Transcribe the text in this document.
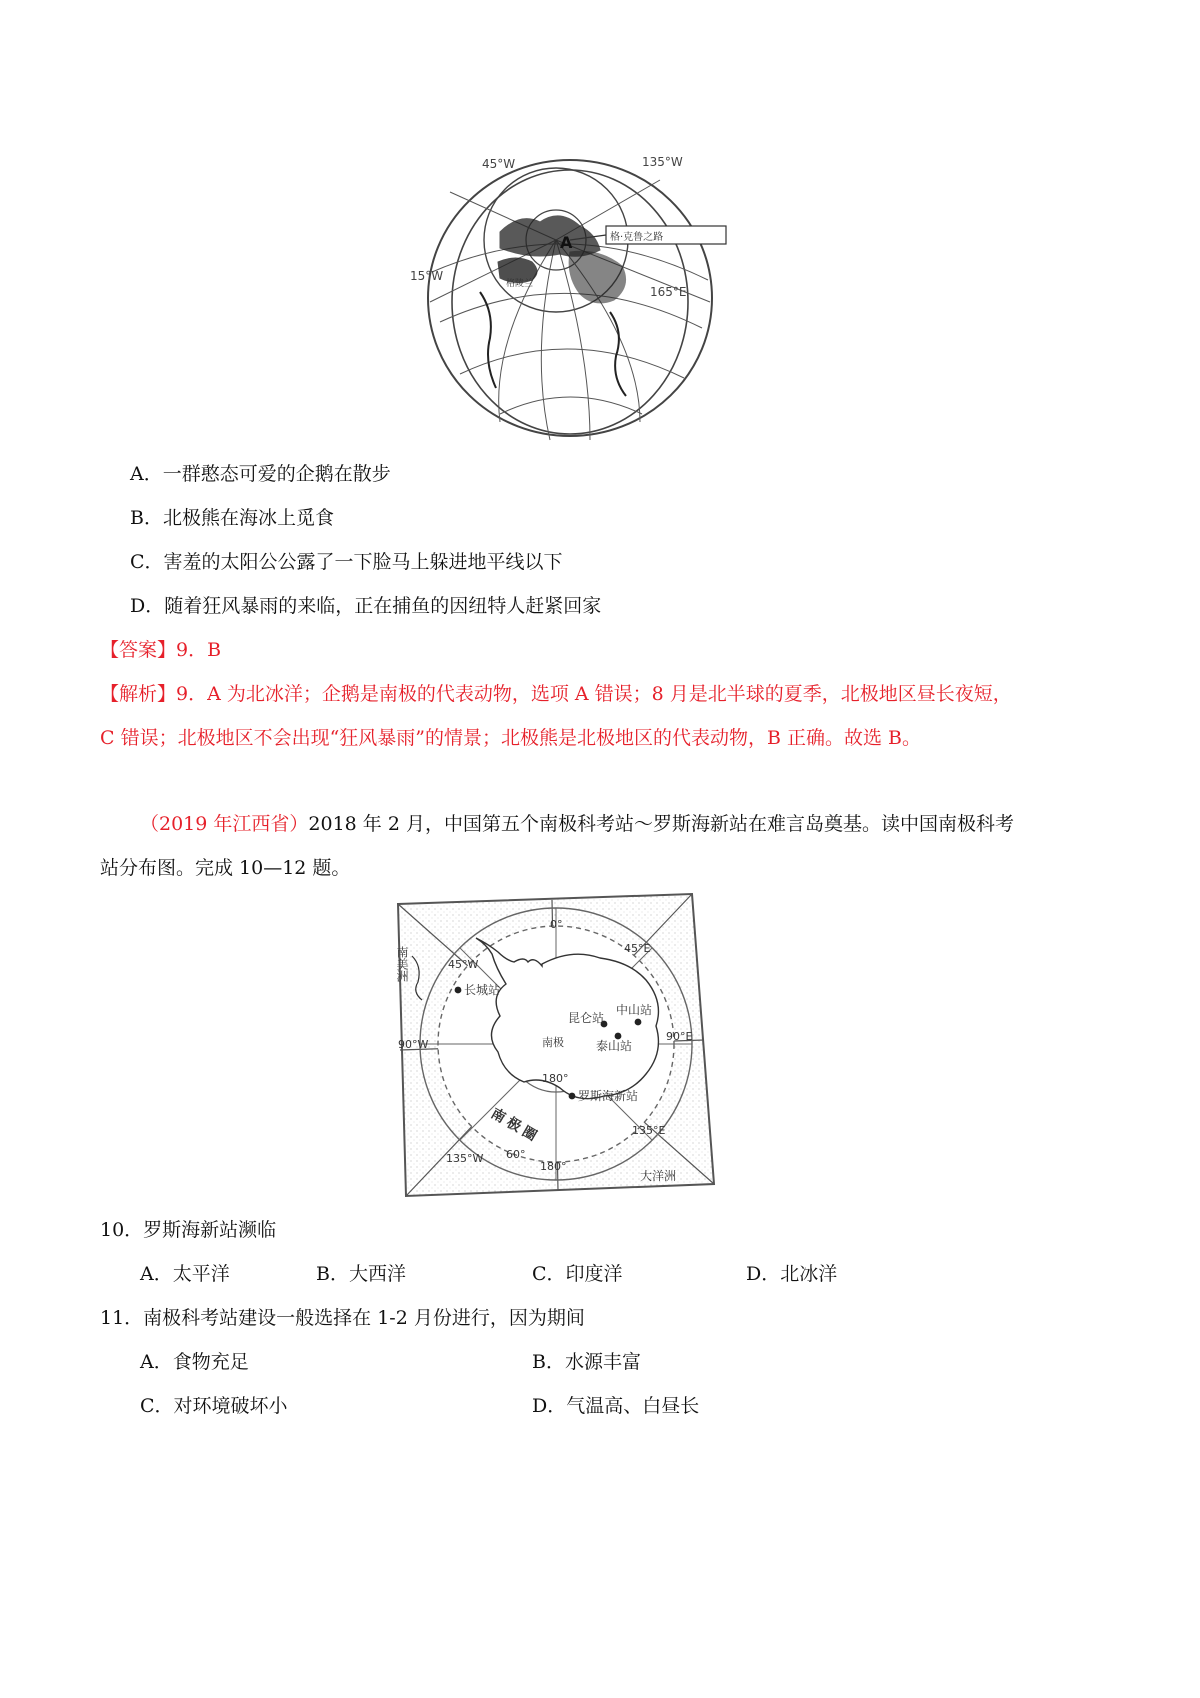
135°W
45°W
15°W
165°E
A	格·克鲁之路
格陵兰
A．一群憨态可爱的企鹅在散步
B．北极熊在海冰上觅食
C．害羞的太阳公公露了一下脸马上躲进地平线以下
D．随着狂风暴雨的来临，正在捕鱼的因纽特人赶紧回家
【答案】9．B
【解析】9．A 为北冰洋；企鹅是南极的代表动物，选项 A 错误；8 月是北半球的夏季，北极地区昼长夜短，
C 错误；北极地区不会出现“狂风暴雨”的情景；北极熊是北极地区的代表动物，B 正确。故选 B。
（2019 年江西省）2018 年 2 月，中国第五个南极科考站～罗斯海新站在难言岛奠基。读中国南极科考
站分布图。完成 10—12 题。
0°
45°E
45°W
90°E
90°W
135°E
135°W
180°
180°
60°
南极
长城站
中山站
昆仑站
泰山站
罗斯海新站
大洋洲
南极圈
南美洲
10．罗斯海新站濒临
A．太平洋	B．大西洋	C．印度洋	D．北冰洋
11．南极科考站建设一般选择在 1-2 月份进行，因为期间
A．食物充足	B．水源丰富
C．对环境破坏小	D．气温高、白昼长
